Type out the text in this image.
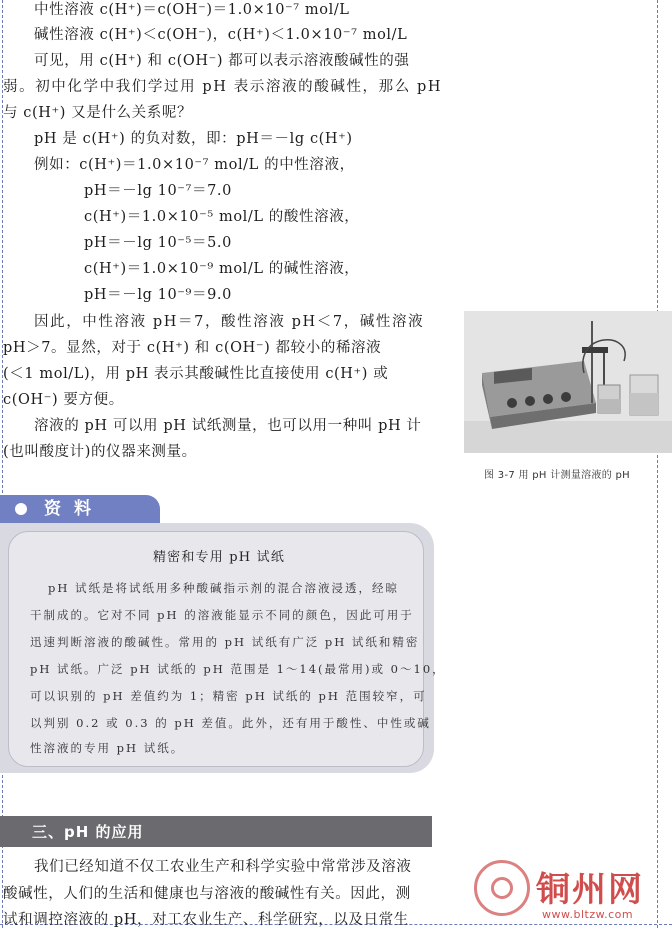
中性溶液 c(H⁺)＝c(OH⁻)＝1.0×10⁻⁷ mol/L
碱性溶液 c(H⁺)＜c(OH⁻)，c(H⁺)＜1.0×10⁻⁷ mol/L
可见，用 c(H⁺) 和 c(OH⁻) 都可以表示溶液酸碱性的强
弱。初中化学中我们学过用 pH 表示溶液的酸碱性，那么 pH
与 c(H⁺) 又是什么关系呢？
pH 是 c(H⁺) 的负对数，即：pH＝－lg c(H⁺)
例如：c(H⁺)＝1.0×10⁻⁷ mol/L 的中性溶液，
pH＝－lg 10⁻⁷＝7.0
c(H⁺)＝1.0×10⁻⁵ mol/L 的酸性溶液，
pH＝－lg 10⁻⁵＝5.0
c(H⁺)＝1.0×10⁻⁹ mol/L 的碱性溶液，
pH＝－lg 10⁻⁹＝9.0
因此，中性溶液 pH＝7，酸性溶液 pH＜7，碱性溶液
pH＞7。显然，对于 c(H⁺) 和 c(OH⁻) 都较小的稀溶液
(＜1 mol/L)，用 pH 表示其酸碱性比直接使用 c(H⁺) 或
c(OH⁻) 要方便。
溶液的 pH 可以用 pH 试纸测量，也可以用一种叫 pH 计
(也叫酸度计)的仪器来测量。
图 3-7 用 pH 计测量溶液的 pH
资料
精密和专用 pH 试纸
pH 试纸是将试纸用多种酸碱指示剂的混合溶液浸透，经晾
干制成的。它对不同 pH 的溶液能显示不同的颜色，因此可用于
迅速判断溶液的酸碱性。常用的 pH 试纸有广泛 pH 试纸和精密
pH 试纸。广泛 pH 试纸的 pH 范围是 1～14(最常用)或 0～10，
可以识别的 pH 差值约为 1；精密 pH 试纸的 pH 范围较窄，可
以判别 0.2 或 0.3 的 pH 差值。此外，还有用于酸性、中性或碱
性溶液的专用 pH 试纸。
三、pH 的应用
我们已经知道不仅工农业生产和科学实验中常常涉及溶液
酸碱性，人们的生活和健康也与溶液的酸碱性有关。因此，测
试和调控溶液的 pH，对工农业生产、科学研究，以及日常生
铜州网
www.bltzw.com
